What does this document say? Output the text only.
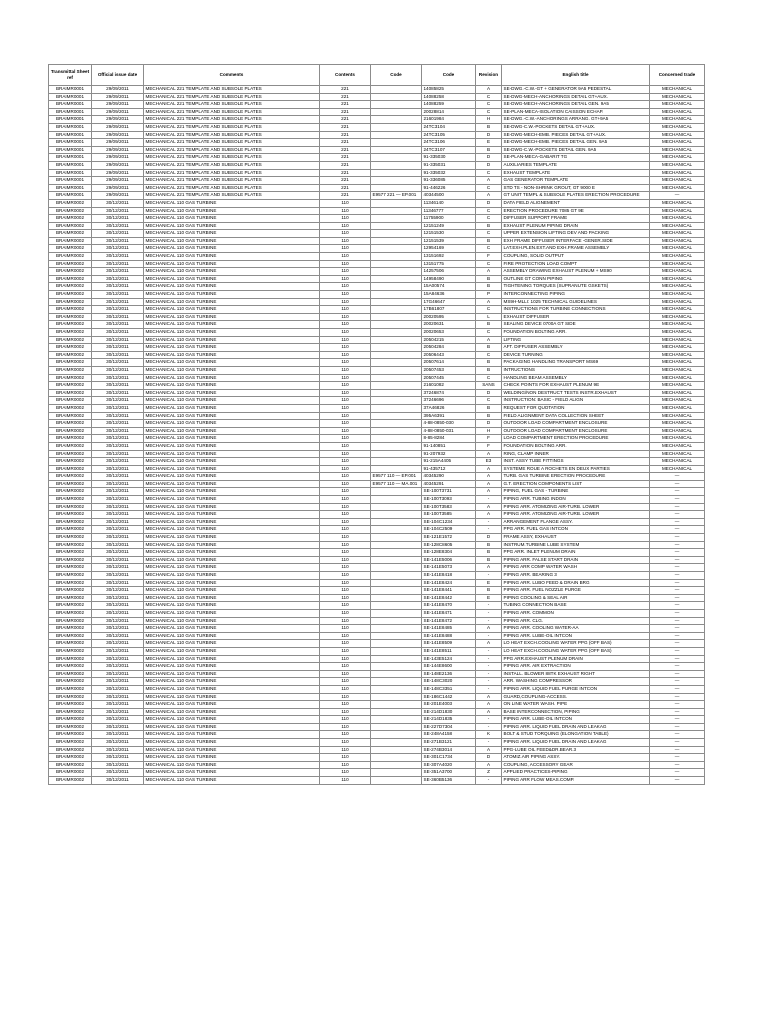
Transmittal Sheet ref	Official issue date	Comments	Contents	Code	Code	Revision	English title	Concerned trade
BRAIMR0001	29/09/2011	MECHANICAL 221 TEMPLATE AND SUBSOLE PLATES	221		14085825	A	SE-DWG.-C.W.-GT + GENERATOR 9A5 PEDESTAL	MECHANICAL
BRAIMR0001	29/09/2011	MECHANICAL 221 TEMPLATE AND SUBSOLE PLATES	221		14088258	C	SE-DWG-MECH-ANCHORINGS DETAIL GT+AUX.	MECHANICAL
BRAIMR0001	29/09/2011	MECHANICAL 221 TEMPLATE AND SUBSOLE PLATES	221		14088259	C	SE-DWG-MECH-ANCHORINGS DETAIL GEN. 9A5	MECHANICAL
BRAIMR0001	29/09/2011	MECHANICAL 221 TEMPLATE AND SUBSOLE PLATES	221		20028814	C	SE-PLAN-MECA-ISOLATION CAISSON ECHAP.	MECHANICAL
BRAIMR0001	29/09/2011	MECHANICAL 221 TEMPLATE AND SUBSOLE PLATES	221		21601984	H	SE-DWG.-C.W.-ANCHORINGS ARRANG. GT+9A5	MECHANICAL
BRAIMR0001	29/09/2011	MECHANICAL 221 TEMPLATE AND SUBSOLE PLATES	221		24TC3104	B	SE-DWG-C.W.-POCKETS DETAIL GT+AUX.	MECHANICAL
BRAIMR0001	29/09/2011	MECHANICAL 221 TEMPLATE AND SUBSOLE PLATES	221		24TC3105	D	SE-DWG-MECH-EMB. PIECES DETAIL GT+AUX.	MECHANICAL
BRAIMR0001	29/09/2011	MECHANICAL 221 TEMPLATE AND SUBSOLE PLATES	221		24TC3106	E	SE-DWG-MECH-EMB. PIECES DETAIL GEN. 9A5	MECHANICAL
BRAIMR0001	29/09/2011	MECHANICAL 221 TEMPLATE AND SUBSOLE PLATES	221		24TC3107	B	SE-DWG-C.W.-POCKETS DETAIL GEN. 9A5	MECHANICAL
BRAIMR0001	29/09/2011	MECHANICAL 221 TEMPLATE AND SUBSOLE PLATES	221		91-335030	D	SE-PLAN-MECA-GABARIT TG	MECHANICAL
BRAIMR0001	29/09/2011	MECHANICAL 221 TEMPLATE AND SUBSOLE PLATES	221		91-335031	D	AUXILIARIES TEMPLATE	MECHANICAL
BRAIMR0001	29/09/2011	MECHANICAL 221 TEMPLATE AND SUBSOLE PLATES	221		91-335032	C	EXHAUST TEMPLATE	MECHANICAL
BRAIMR0001	29/09/2011	MECHANICAL 221 TEMPLATE AND SUBSOLE PLATES	221		91-336085	A	GAS GENERATOR TEMPLATE	MECHANICAL
BRAIMR0001	29/09/2011	MECHANICAL 221 TEMPLATE AND SUBSOLE PLATES	221		91-446226	C	STD TS - NON-SHRINK GROUT, GT 9000 E	MECHANICAL
BRAIMR0001	29/09/2011	MECHANICAL 221 TEMPLATE AND SUBSOLE PLATES	221	E9577 221 — EP.001	40344500	A	GT UNIT TEMPL & SUBSOLE PLATES ERECTION PROCEDURE	—
BRAIMR0002	30/12/2011	MECHANICAL 110 GAS TURBINE	110		11346140	D	DATA FIELD ALIGNEMENT	MECHANICAL
BRAIMR0002	30/12/2011	MECHANICAL 110 GAS TURBINE	110		11346777	C	ERECTION PROCEDURE 7085 GT 9E	MECHANICAL
BRAIMR0002	30/12/2011	MECHANICAL 110 GAS TURBINE	110		11755900	C	DIFFUSER SUPPORT FRAME	MECHANICAL
BRAIMR0002	30/12/2011	MECHANICAL 110 GAS TURBINE	110		12151249	B	EXHAUST PLENUM PIPING DRAIN	MECHANICAL
BRAIMR0002	30/12/2011	MECHANICAL 110 GAS TURBINE	110		12151530	C	UPPER EXTENSION LIFTING DEV AND PACKING	MECHANICAL
BRAIMR0002	30/12/2011	MECHANICAL 110 GAS TURBINE	110		12151539	B	EXH FRAME DIFFUSER INTERFACE -GENER.SIDE	MECHANICAL
BRAIMR0002	30/12/2011	MECHANICAL 110 GAS TURBINE	110		12954169	C	LAT.EXH.PLEN.EXT.AND EXH.FRAME ASSEMBLY	MECHANICAL
BRAIMR0002	30/12/2011	MECHANICAL 110 GAS TURBINE	110		13151692	F	COUPLING, SOLID OUTPUT	MECHANICAL
BRAIMR0002	30/12/2011	MECHANICAL 110 GAS TURBINE	110		13151775	C	FIRE PROTECTION LOAD COMPT	MECHANICAL
BRAIMR0002	30/12/2011	MECHANICAL 110 GAS TURBINE	110		14257506	A	ASSEMBLY DRAWING EXHAUST PLENUM + MS90	MECHANICAL
BRAIMR0002	30/12/2011	MECHANICAL 110 GAS TURBINE	110		14958490	B	OUTLINE GT CONN PIPING	MECHANICAL
BRAIMR0002	30/12/2011	MECHANICAL 110 GAS TURBINE	110		15A00574	B	TIGHTENING TORQUES (SUPRANUTE GSKETS)	MECHANICAL
BRAIMR0002	30/12/2011	MECHANICAL 110 GAS TURBINE	110		15A84636	P	INTERCONNECTING PIPING	MECHANICAL
BRAIMR0002	30/12/2011	MECHANICAL 110 GAS TURBINE	110		17G46647	A	MS9H-MLLI: 1025 TECHNICAL GUIDELINES	MECHANICAL
BRAIMR0002	30/12/2011	MECHANICAL 110 GAS TURBINE	110		17B61807	C	INSTRUCTIONS FOR TURBINE CONNECTIONS	MECHANICAL
BRAIMR0002	30/12/2011	MECHANICAL 110 GAS TURBINE	110		20020595	L	EXHAUST DIFFUSER	MECHANICAL
BRAIMR0002	30/12/2011	MECHANICAL 110 GAS TURBINE	110		20020631	B	SEALING DEVICE 0700A GT SIDE	MECHANICAL
BRAIMR0002	30/12/2011	MECHANICAL 110 GAS TURBINE	110		20020653	C	FOUNDATION BOLTING ARR.	MECHANICAL
BRAIMR0002	30/12/2011	MECHANICAL 110 GAS TURBINE	110		20504215	A	LIFTING	MECHANICAL
BRAIMR0002	30/12/2011	MECHANICAL 110 GAS TURBINE	110		20504284	B	AFT. DIFFUSER ASSEMBLY	MECHANICAL
BRAIMR0002	30/12/2011	MECHANICAL 110 GAS TURBINE	110		20506443	C	DEVICE TURNING	MECHANICAL
BRAIMR0002	30/12/2011	MECHANICAL 110 GAS TURBINE	110		20507614	B	PACKAGING HANDLING TRANSPORT MS69	MECHANICAL
BRAIMR0002	30/12/2011	MECHANICAL 110 GAS TURBINE	110		20507453	B	INTRUCTIONS	MECHANICAL
BRAIMR0002	30/12/2011	MECHANICAL 110 GAS TURBINE	110		20507445	C	HANDLING BEAM ASSEMBLY	MECHANICAL
BRAIMR0002	30/12/2011	MECHANICAL 110 GAS TURBINE	110		21601082	SANS	CHECK POINTS FOR EXHAUST PLENUM 9E	MECHANICAL
BRAIMR0002	30/12/2011	MECHANICAL 110 GAS TURBINE	110		37246874	D	WELDING/NON DESTRUCT TESTS INSTR.EXHAUST	MECHANICAL
BRAIMR0002	30/12/2011	MECHANICAL 110 GAS TURBINE	110		37246696	C	INSTRUCTION: BASIC - FIELD ALIGN	MECHANICAL
BRAIMR0002	30/12/2011	MECHANICAL 110 GAS TURBINE	110		37A46826	B	REQUEST FOR QUOTATION	MECHANICAL
BRAIMR0002	30/12/2011	MECHANICAL 110 GAS TURBINE	110		395A6391	B	FIELD ALIGNMENT DATA COLLECTION SHEET	MECHANICAL
BRAIMR0002	30/12/2011	MECHANICAL 110 GAS TURBINE	110		4-88-0850-030	D	OUTDOOR LOAD COMPARTMENT ENCLOSURE	MECHANICAL
BRAIMR0002	30/12/2011	MECHANICAL 110 GAS TURBINE	110		4-88-0850-031	H	OUTDOOR LOAD COMPARTMENT ENCLOSURE	MECHANICAL
BRAIMR0002	30/12/2011	MECHANICAL 110 GAS TURBINE	110		8-85-8284	F	LOAD COMPARTMENT ERECTION PROCEDURE	MECHANICAL
BRAIMR0002	30/12/2011	MECHANICAL 110 GAS TURBINE	110		91-140851	F	FOUNDATION BOLTING ARR.	MECHANICAL
BRAIMR0002	30/12/2011	MECHANICAL 110 GAS TURBINE	110		91-207932	A	RING, CLAMP INNER	MECHANICAL
BRAIMR0002	30/12/2011	MECHANICAL 110 GAS TURBINE	110		91-215A4405	E3	INST. ASSY TUBE FITTINGS	MECHANICAL
BRAIMR0002	30/12/2011	MECHANICAL 110 GAS TURBINE	110		91-435712	A	SYSTEME ROUE A ROCHETS EN DEUX PARTIES	MECHANICAL
BRAIMR0002	30/12/2011	MECHANICAL 110 GAS TURBINE	110	E9577 110 — EP.001	40345290	A	TURB. GAS TURBINE ERECTION PROCEDURE	—
BRAIMR0002	30/12/2011	MECHANICAL 110 GAS TURBINE	110	E9577 110 — MA.001	40345291	A	G.T. ERECTION COMPONENTS LIST	—
BRAIMR0002	30/12/2011	MECHANICAL 110 GAS TURBINE	110		SE-100T3731	A	PIPING, FUEL GAS - TURBINE	—
BRAIMR0002	30/12/2011	MECHANICAL 110 GAS TURBINE	110		SE-100T3093	-	PIPING ARR. TUBING INDON	—
BRAIMR0002	30/12/2011	MECHANICAL 110 GAS TURBINE	110		SE-100T3583	A	PIPING ARR. ATOMIZING AIR-TURB. LOWER	—
BRAIMR0002	30/12/2011	MECHANICAL 110 GAS TURBINE	110		SE-100T3585	A	PIPING ARR. ATOMIZING AIR-TURB. LOWER	—
BRAIMR0002	30/12/2011	MECHANICAL 110 GAS TURBINE	110		SE-104C1234	-	ARRANGEMENT FLANGE ASSY.	—
BRAIMR0002	30/12/2011	MECHANICAL 110 GAS TURBINE	110		SE-104C2509	-	PPG ARR. FUEL GAS INTCON	—
BRAIMR0002	30/12/2011	MECHANICAL 110 GAS TURBINE	110		SE-121E1572	D	FRAME ASSY, EXHAUST	—
BRAIMR0002	30/12/2011	MECHANICAL 110 GAS TURBINE	110		SE-128C8605	B	INSTRUM.TURBINE LUBE SYSTEM	—
BRAIMR0002	30/12/2011	MECHANICAL 110 GAS TURBINE	110		SE-128E8304	B	PPG ARR. INLET PLENUM DRAIN	—
BRAIMR0002	30/12/2011	MECHANICAL 110 GAS TURBINE	110		SE-141E5006	B	PIPING ARR. FALSE START DRAIN	—
BRAIMR0002	30/12/2011	MECHANICAL 110 GAS TURBINE	110		SE-141E5073	A	PIPING ARR COMP WATER WASH	—
BRAIMR0002	30/12/2011	MECHANICAL 110 GAS TURBINE	110		SE-141E8418	-	PIPING ARR. BEARING 3	—
BRAIMR0002	30/12/2011	MECHANICAL 110 GAS TURBINE	110		SE-141E8424	E	PIPING ARR. LUBO FEED & DRAIN BRG	—
BRAIMR0002	30/12/2011	MECHANICAL 110 GAS TURBINE	110		SE-141E8441	B	PIPING ARR. FUEL NOZZLE PURGE	—
BRAIMR0002	30/12/2011	MECHANICAL 110 GAS TURBINE	110		SE-141E8442	E	PIPING COOLING & SEAL AIR	—
BRAIMR0002	30/12/2011	MECHANICAL 110 GAS TURBINE	110		SE-141E8470	-	TUBING CONNECTION BASE	—
BRAIMR0002	30/12/2011	MECHANICAL 110 GAS TURBINE	110		SE-141E8471	-	PIPING ARR. COMMON	—
BRAIMR0002	30/12/2011	MECHANICAL 110 GAS TURBINE	110		SE-141E8472	-	PIPING ARR. CLG.	—
BRAIMR0002	30/12/2011	MECHANICAL 110 GAS TURBINE	110		SE-141E8485	A	PIPING ARR. COOLING WATER-AA	—
BRAIMR0002	30/12/2011	MECHANICAL 110 GAS TURBINE	110		SE-141E8488	-	PIPING ARR. LUBE-OIL INTCON	—
BRAIMR0002	30/12/2011	MECHANICAL 110 GAS TURBINE	110		SE-141E8509	A	LO HEAT EXCH.COOLING WATER PPG (OFF BAS)	—
BRAIMR0002	30/12/2011	MECHANICAL 110 GAS TURBINE	110		SE-141E8511	-	LO HEAT EXCH.COOLING WATER PPG (OFF BAS)	—
BRAIMR0002	30/12/2011	MECHANICAL 110 GAS TURBINE	110		SE-143E5124	-	PPG ARR.EXHAUST PLENUM DRAIN	—
BRAIMR0002	30/12/2011	MECHANICAL 110 GAS TURBINE	110		SE-144E8600	-	PIPING ARR. AIR EXTRACTION	—
BRAIMR0002	30/12/2011	MECHANICAL 110 GAS TURBINE	110		SE-148E2136	-	INSTALL. BLOWER 88TK EXHAUST RIGHT	—
BRAIMR0002	30/12/2011	MECHANICAL 110 GAS TURBINE	110		SE-148C3020	-	ARR. WASHING COMPRESSOR	—
BRAIMR0002	30/12/2011	MECHANICAL 110 GAS TURBINE	110		SE-148C3351	-	PIPING ARR. LIQUID FUEL PURGE INTCON	—
BRAIMR0002	30/12/2011	MECHANICAL 110 GAS TURBINE	110		SE-186C1442	A	GUARD,COUPLING-ACCESS.	—
BRAIMR0002	30/12/2011	MECHANICAL 110 GAS TURBINE	110		SE-201E4003	A	ON LINE WATER WASH. PIPE	—
BRAIMR0002	30/12/2011	MECHANICAL 110 GAS TURBINE	110		SE-214D1830	A	BASE INTERCONNECTION, PIPING	—
BRAIMR0002	30/12/2011	MECHANICAL 110 GAS TURBINE	110		SE-214D1835	-	PIPING ARR. LUBE-OIL INTCON	—
BRAIMR0002	30/12/2011	MECHANICAL 110 GAS TURBINE	110		SE-227D7304	-	PIPING ARR. LIQUID FUEL DRAIN AND LEAKAG	—
BRAIMR0002	30/12/2011	MECHANICAL 110 GAS TURBINE	110		SE-248A4158	K	BOLT & STUD TORQUING (ELONGATION TABLE)	—
BRAIMR0002	30/12/2011	MECHANICAL 110 GAS TURBINE	110		SE-271B3121	-	PIPING ARR. LIQUID FUEL DRAIN AND LEAKAG	—
BRAIMR0002	30/12/2011	MECHANICAL 110 GAS TURBINE	110		SE-274B3014	A	PPG-LUBE OIL FEED&DR.BEAR.3	—
BRAIMR0002	30/12/2011	MECHANICAL 110 GAS TURBINE	110		SE-301C1734	D	ATOMIZ.AIR PIPING ASSY.	—
BRAIMR0002	30/12/2011	MECHANICAL 110 GAS TURBINE	110		SE-307A4020	A	COUPLING, ACCESSORY GEAR	—
BRAIMR0002	30/12/2011	MECHANICAL 110 GAS TURBINE	110		SE-351A3700	Z	APPLIED PRACTICES-PIPING	—
BRAIMR0002	30/12/2011	MECHANICAL 110 GAS TURBINE	110		SE-360B5136	-	PIPING ARR FLOW MEAS.COMP.	—
